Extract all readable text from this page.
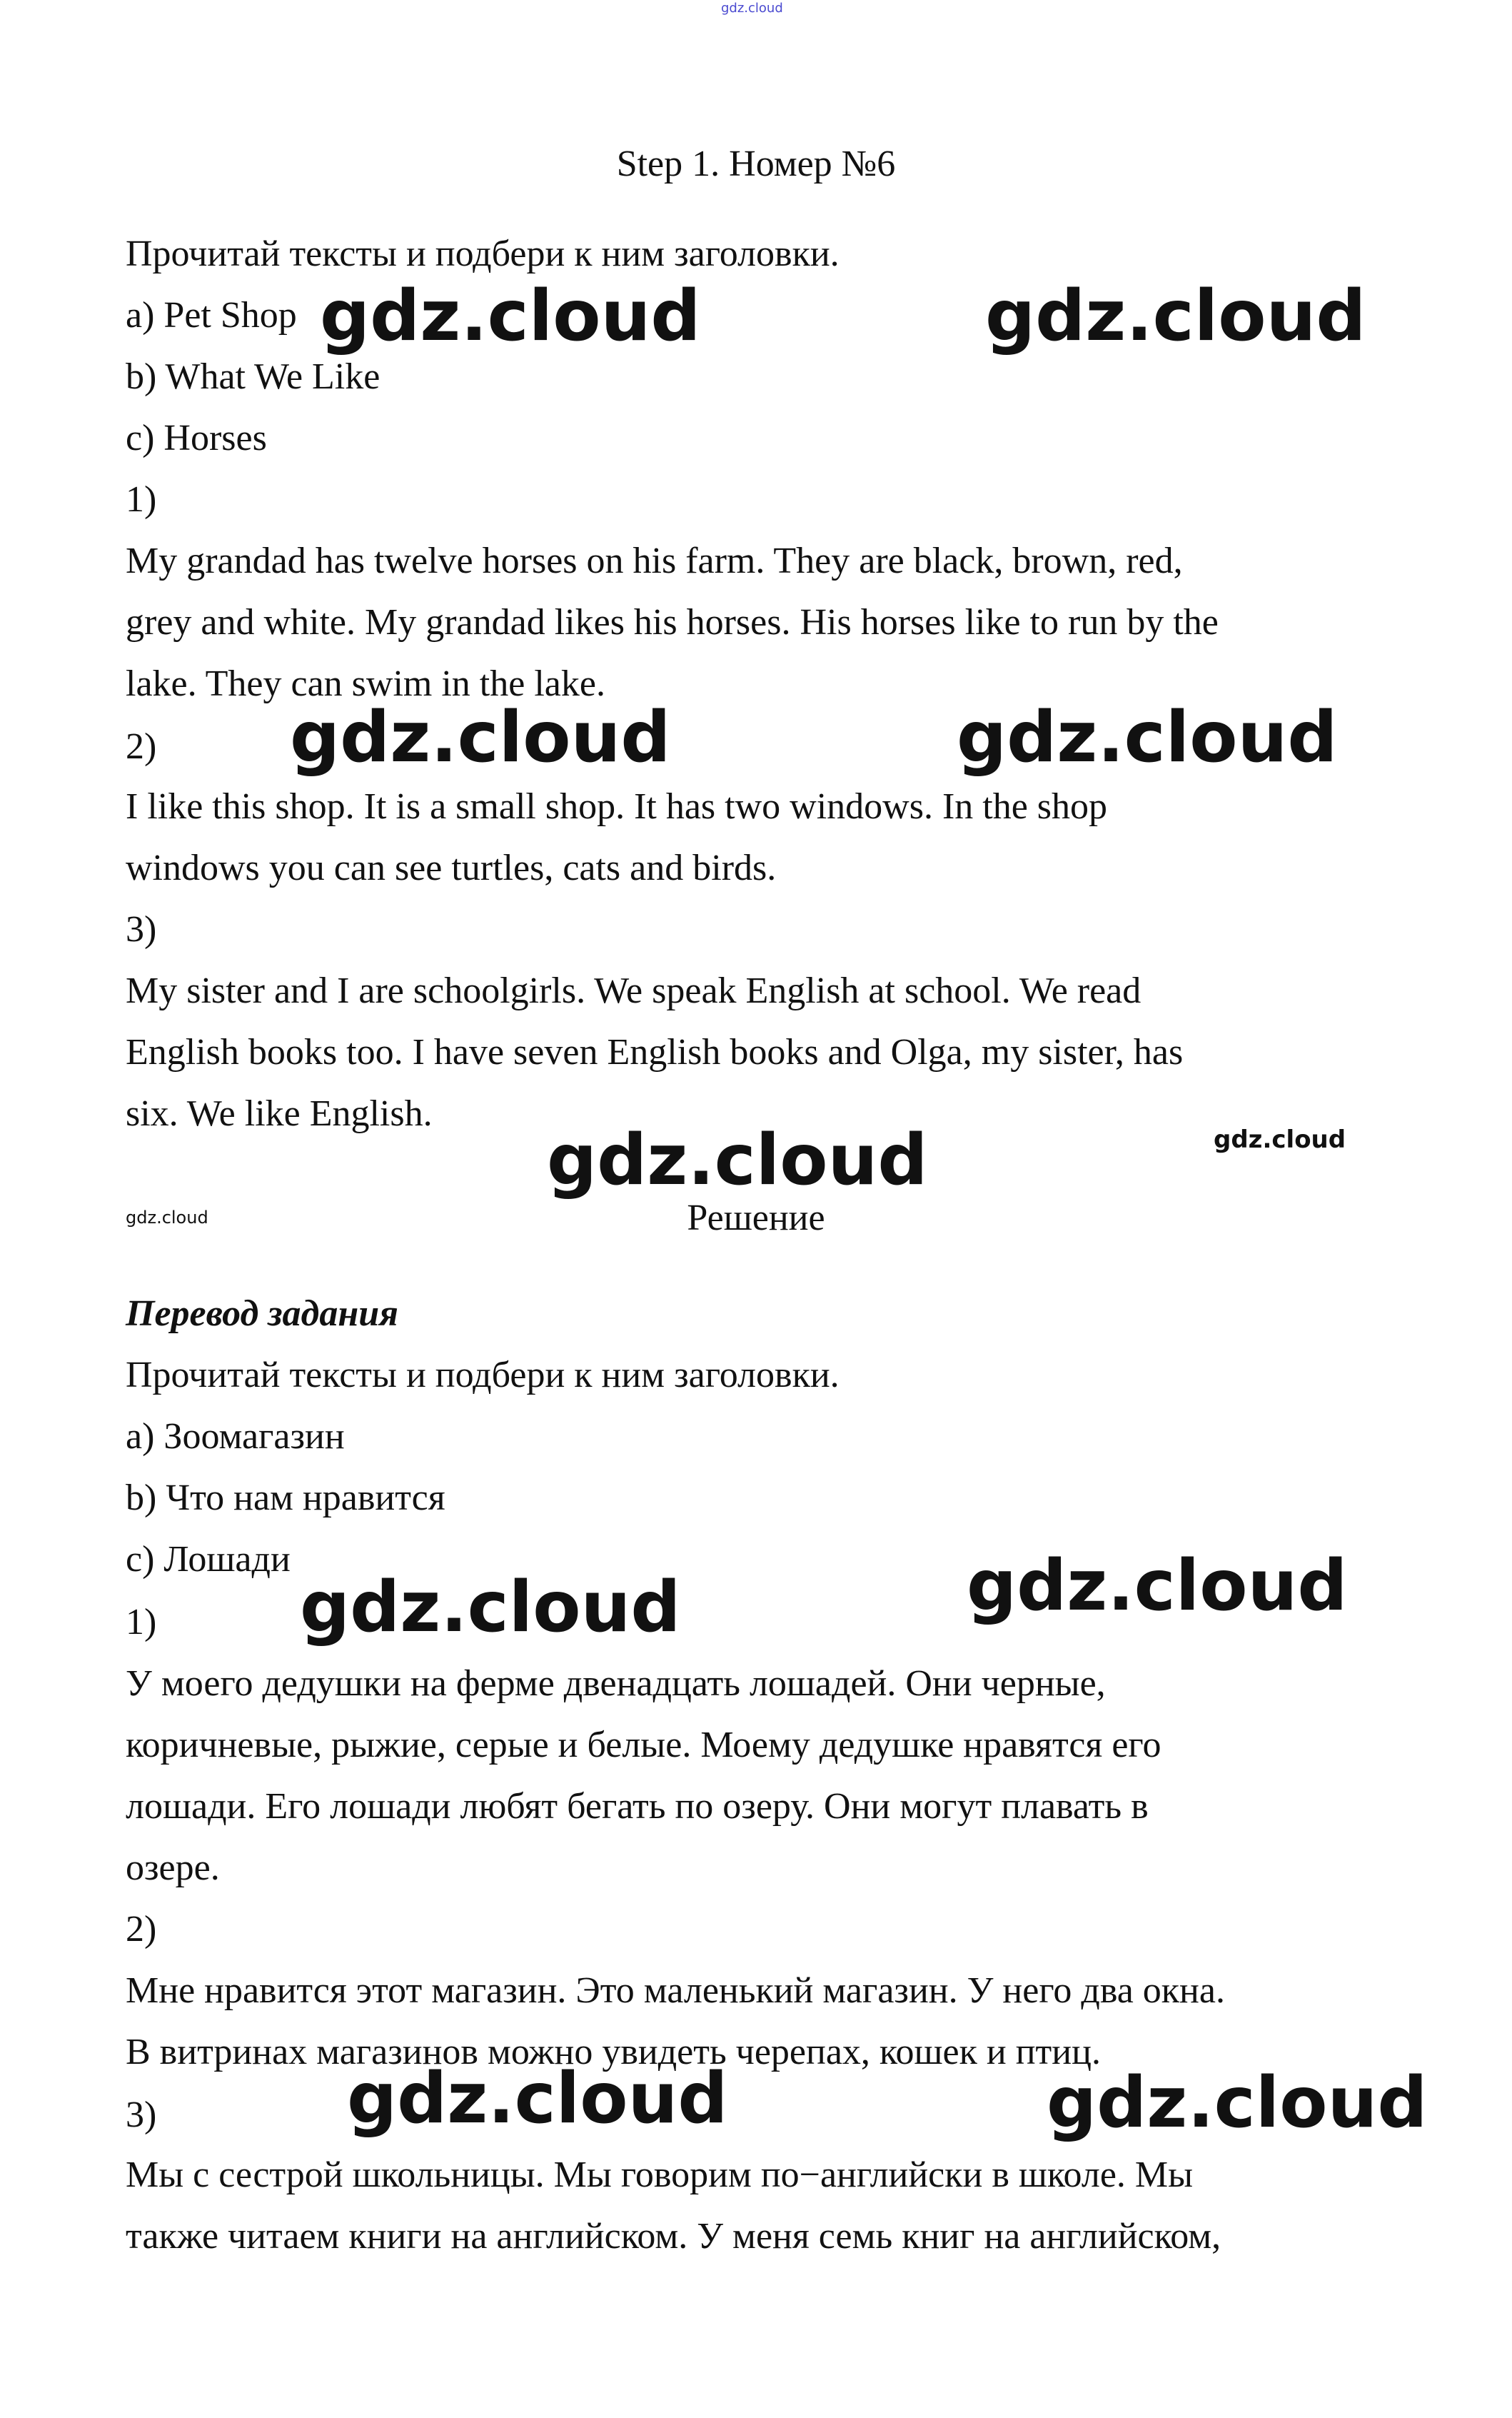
gdz.cloud
Step 1. Номер №6
Прочитай тексты и подбери к ним заголовки.
a) Pet Shop
b) What We Like
c) Horses
1)
My grandad has twelve horses on his farm. They are black, brown, red,
grey and white. My grandad likes his horses. His horses like to run by the
lake. They can swim in the lake.
2)
I like this shop. It is a small shop. It has two windows. In the shop
windows you can see turtles, cats and birds.
3)
My sister and I are schoolgirls. We speak English at school. We read
English books too. I have seven English books and Olga, my sister, has
six. We like English.
Решение
Перевод задания
Прочитай тексты и подбери к ним заголовки.
a) Зоомагазин
b) Что нам нравится
c) Лошади
1)
У моего дедушки на ферме двенадцать лошадей. Они черные,
коричневые, рыжие, серые и белые. Моему дедушке нравятся его
лошади. Его лошади любят бегать по озеру. Они могут плавать в
озере.
2)
Мне нравится этот магазин. Это маленький магазин. У него два окна.
В витринах магазинов можно увидеть черепах, кошек и птиц.
3)
Мы с сестрой школьницы. Мы говорим по−английски в школе. Мы
также читаем книги на английском. У меня семь книг на английском,
gdz.cloud	gdz.cloud
gdz.cloud	gdz.cloud
gdz.cloud	gdz.cloud
gdz.cloud
gdz.cloud
gdz.cloud
gdz.cloud	gdz.cloud
